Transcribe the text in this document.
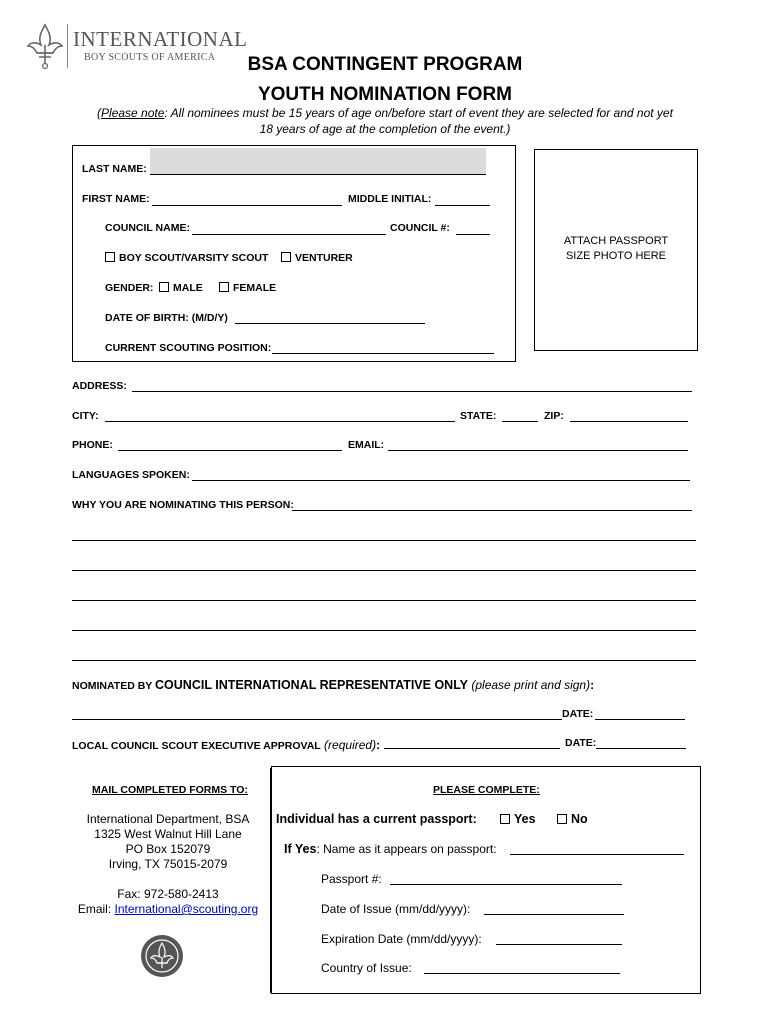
INTERNATIONAL
BOY SCOUTS OF AMERICA	BSA CONTINGENT PROGRAM
YOUTH NOMINATION FORM
(Please note: All nominees must be 15 years of age on/before start of event they are selected for and not yet
18 years of age at the completion of the event.)
LAST NAME:
FIRST NAME:	MIDDLE INITIAL:
COUNCIL NAME:	COUNCIL #:
BOY SCOUT/VARSITY SCOUT	VENTURER
GENDER:	MALE	FEMALE
DATE OF BIRTH: (M/D/Y)
CURRENT SCOUTING POSITION:
ATTACH PASSPORT
SIZE PHOTO HERE
ADDRESS:
CITY:	STATE:	ZIP:
PHONE:	EMAIL:
LANGUAGES SPOKEN:
WHY YOU ARE NOMINATING THIS PERSON:
NOMINATED BY COUNCIL INTERNATIONAL REPRESENTATIVE ONLY (please print and sign):
DATE:
LOCAL COUNCIL SCOUT EXECUTIVE APPROVAL (required):	DATE:
MAIL COMPLETED FORMS TO:
International Department, BSA
1325 West Walnut Hill Lane
PO Box 152079
Irving, TX 75015-2079
Fax: 972-580-2413
Email: International@scouting.org
PLEASE COMPLETE:
Individual has a current passport:	Yes	No
If Yes: Name as it appears on passport:
Passport #:
Date of Issue (mm/dd/yyyy):
Expiration Date (mm/dd/yyyy):
Country of Issue:
